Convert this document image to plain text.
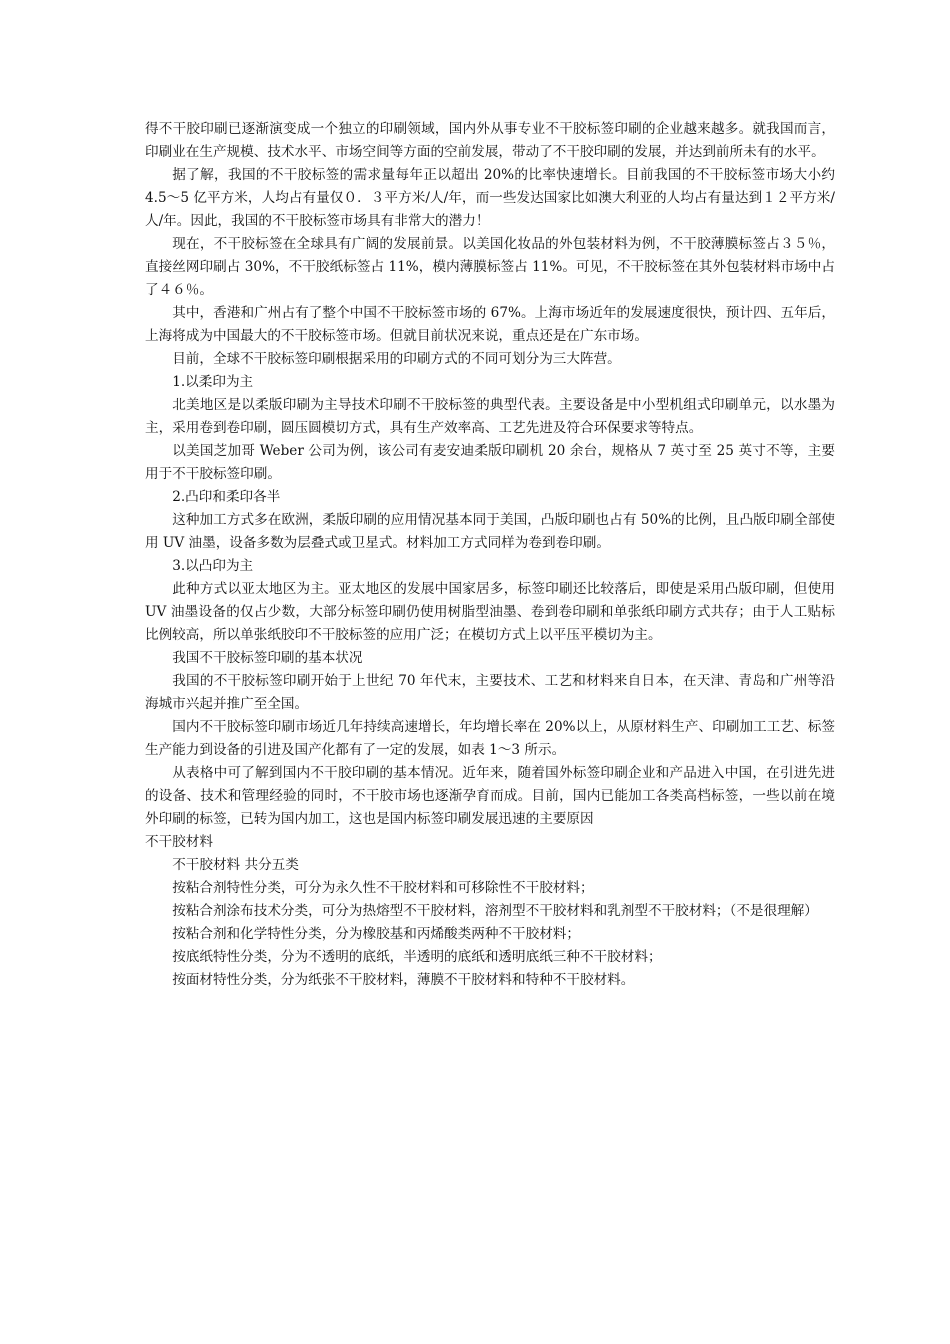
得不干胶印刷已逐渐演变成一个独立的印刷领域，国内外从事专业不干胶标签印刷的企业越来越多。就我国而言，印刷业在生产规模、技术水平、市场空间等方面的空前发展，带动了不干胶印刷的发展，并达到前所未有的水平。

据了解，我国的不干胶标签的需求量每年正以超出 20%的比率快速增长。目前我国的不干胶标签市场大小约 4.5～5 亿平方米，人均占有量仅０．３平方米/人/年，而一些发达国家比如澳大利亚的人均占有量达到１２平方米/人/年。因此，我国的不干胶标签市场具有非常大的潜力！

现在，不干胶标签在全球具有广阔的发展前景。以美国化妆品的外包装材料为例，不干胶薄膜标签占３５％，直接丝网印刷占 30%，不干胶纸标签占 11%，模内薄膜标签占 11%。可见，不干胶标签在其外包装材料市场中占了４６％。

其中，香港和广州占有了整个中国不干胶标签市场的 67%。上海市场近年的发展速度很快，预计四、五年后，上海将成为中国最大的不干胶标签市场。但就目前状况来说，重点还是在广东市场。

目前，全球不干胶标签印刷根据采用的印刷方式的不同可划分为三大阵营。

1.以柔印为主

北美地区是以柔版印刷为主导技术印刷不干胶标签的典型代表。主要设备是中小型机组式印刷单元，以水墨为主，采用卷到卷印刷，圆压圆模切方式，具有生产效率高、工艺先进及符合环保要求等特点。

以美国芝加哥 Weber 公司为例，该公司有麦安迪柔版印刷机 20 余台，规格从 7 英寸至 25 英寸不等，主要用于不干胶标签印刷。

2.凸印和柔印各半

这种加工方式多在欧洲，柔版印刷的应用情况基本同于美国，凸版印刷也占有 50%的比例，且凸版印刷全部使用 UV 油墨，设备多数为层叠式或卫星式。材料加工方式同样为卷到卷印刷。

3.以凸印为主

此种方式以亚太地区为主。亚太地区的发展中国家居多，标签印刷还比较落后，即使是采用凸版印刷，但使用 UV 油墨设备的仅占少数，大部分标签印刷仍使用树脂型油墨、卷到卷印刷和单张纸印刷方式共存；由于人工贴标比例较高，所以单张纸胶印不干胶标签的应用广泛；在模切方式上以平压平模切为主。

我国不干胶标签印刷的基本状况

我国的不干胶标签印刷开始于上世纪 70 年代末，主要技术、工艺和材料来自日本，在天津、青岛和广州等沿海城市兴起并推广至全国。

国内不干胶标签印刷市场近几年持续高速增长，年均增长率在 20%以上，从原材料生产、印刷加工工艺、标签生产能力到设备的引进及国产化都有了一定的发展，如表 1～3 所示。

从表格中可了解到国内不干胶印刷的基本情况。近年来，随着国外标签印刷企业和产品进入中国，在引进先进的设备、技术和管理经验的同时，不干胶市场也逐渐孕育而成。目前，国内已能加工各类高档标签，一些以前在境外印刷的标签，已转为国内加工，这也是国内标签印刷发展迅速的主要原因

不干胶材料

不干胶材料 共分五类

按粘合剂特性分类，可分为永久性不干胶材料和可移除性不干胶材料；

按粘合剂涂布技术分类，可分为热熔型不干胶材料，溶剂型不干胶材料和乳剂型不干胶材料；（不是很理解）

按粘合剂和化学特性分类，分为橡胶基和丙烯酸类两种不干胶材料；

按底纸特性分类，分为不透明的底纸，半透明的底纸和透明底纸三种不干胶材料；

按面材特性分类，分为纸张不干胶材料，薄膜不干胶材料和特种不干胶材料。
